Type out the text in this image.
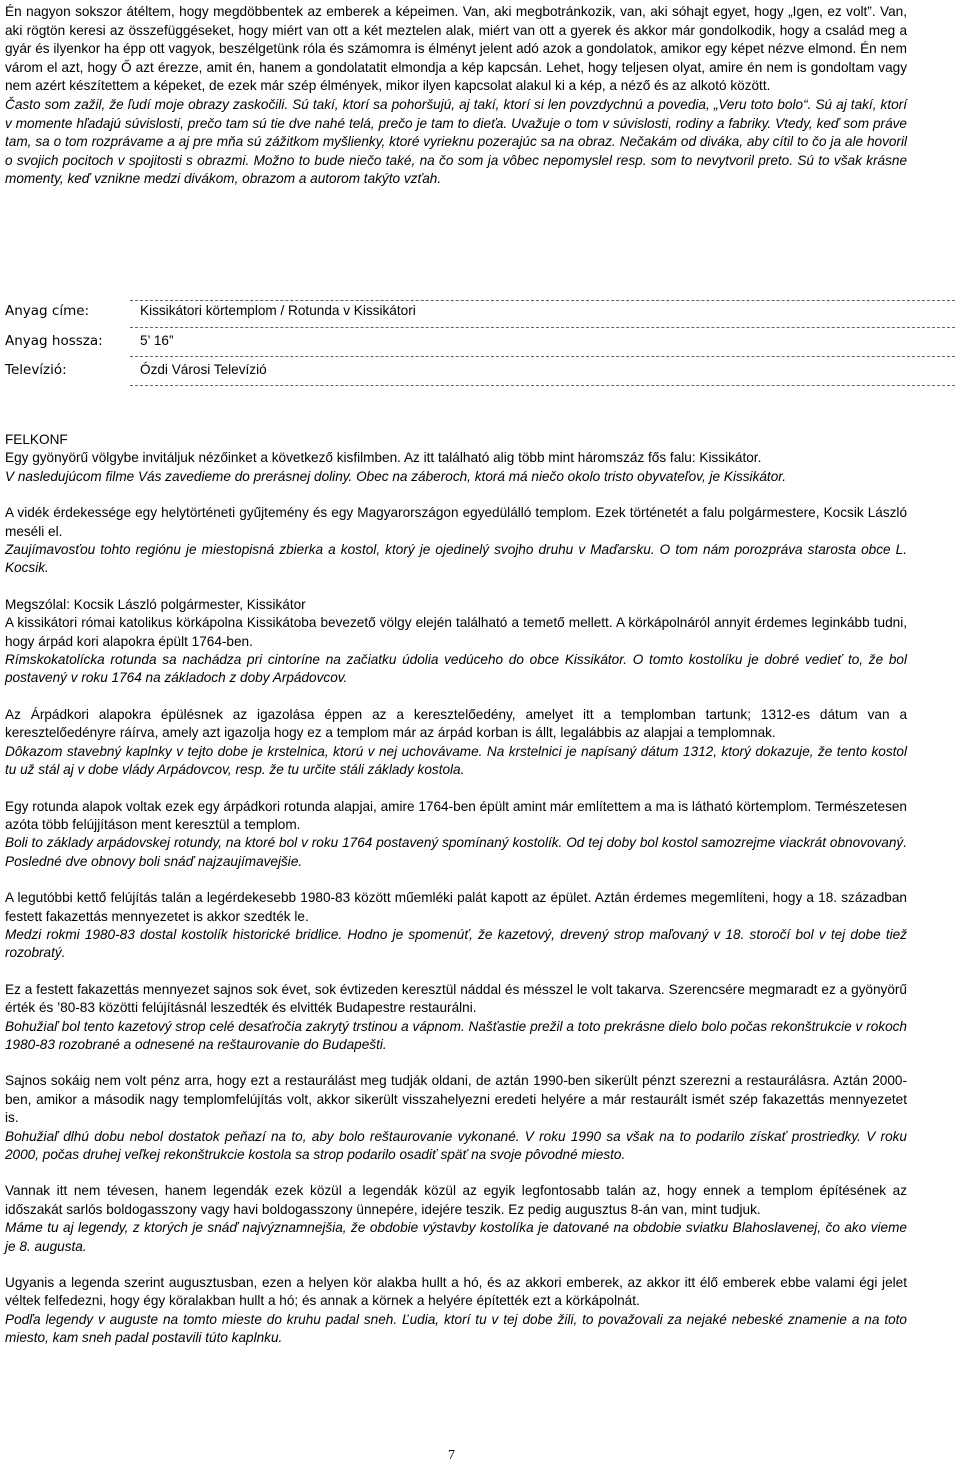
Én nagyon sokszor átéltem, hogy megdöbbentek az emberek a képeimen. Van, aki megbotránkozik, van, aki sóhajt egyet, hogy „Igen, ez volt”. Van, aki rögtön keresi az összefüggéseket, hogy miért van ott a két meztelen alak, miért van ott a gyerek és akkor már gondolkodik, hogy a család meg a gyár és ilyenkor ha épp ott vagyok, beszélgetünk róla és számomra is élményt jelent adó azok a gondolatok, amikor egy képet nézve elmond. Én nem várom el azt, hogy Ő azt érezze, amit én, hanem a gondolatatit elmondja a kép kapcsán. Lehet, hogy teljesen olyat, amire én nem is gondoltam vagy nem azért készítettem a képeket, de ezek már szép élmények, mikor ilyen kapcsolat alakul ki a kép, a néző és az alkotó között.

Často som zažil, že ľudí moje obrazy zaskočili. Sú takí, ktorí sa pohoršujú, aj takí, ktorí si len povzdychnú a povedia, „Veru toto bolo“. Sú aj takí, ktorí v momente hľadajú súvislosti, prečo tam sú tie dve nahé telá, prečo je tam to dieťa. Uvažuje o tom v súvislosti, rodiny a fabriky. Vtedy, keď som práve tam, sa o tom rozprávame a aj pre mňa sú zážitkom myšlienky, ktoré vyrieknu pozerajúc sa na obraz. Nečakám od diváka, aby cítil to čo ja ale hovoril o svojich pocitoch v spojitosti s obrazmi. Možno to bude niečo také, na čo som ja vôbec nepomyslel resp. som to nevytvoril preto. Sú to však krásne momenty, keď vznikne medzi divákom, obrazom a autorom takýto vzťah.

Anyag címe:	Kissikátori körtemplom / Rotunda v Kissikátori
Anyag hossza:	5’ 16”
Televízió:	Ózdi Városi Televízió

FELKONF

Egy gyönyörű völgybe invitáljuk nézőinket a következő kisfilmben. Az itt található alig több mint háromszáz fős falu: Kissikátor.

V nasledujúcom filme Vás zavedieme do prerásnej doliny. Obec na záberoch, ktorá má niečo okolo tristo obyvateľov, je Kissikátor.

A vidék érdekessége egy helytörténeti gyűjtemény és egy Magyarországon egyedülálló templom. Ezek történetét a falu polgármestere, Kocsik László meséli el.

Zaujímavosťou tohto regiónu je miestopisná zbierka a kostol, ktorý je ojedinelý svojho druhu v Maďarsku. O tom nám porozpráva starosta obce L. Kocsik.

Megszólal: Kocsik László polgármester, Kissikátor

A kissikátori római katolikus körkápolna Kissikátoba bevezető völgy elején található a temető mellett. A körkápolnáról annyit érdemes leginkább tudni, hogy árpád kori alapokra épült 1764-ben.

Rímskokatolícka rotunda sa nachádza pri cintoríne na začiatku údolia vedúceho do obce Kissikátor. O tomto kostolíku je dobré vedieť to, že bol postavený v roku 1764 na základoch z doby Arpádovcov.

Az Árpádkori alapokra épülésnek az igazolása éppen az a keresztelőedény, amelyet itt a templomban tartunk; 1312-es dátum van a keresztelőedényre ráírva, amely azt igazolja hogy ez a templom már az árpád korban is állt, legalábbis az alapjai a templomnak.

Dôkazom stavebný kaplnky v tejto dobe je krstelnica, ktorú v nej uchovávame. Na krstelnici je napísaný dátum 1312, ktorý dokazuje, že tento kostol tu už stál aj v dobe vlády Arpádovcov, resp. že tu určite stáli základy kostola.

Egy rotunda alapok voltak ezek egy árpádkori rotunda alapjai, amire 1764-ben épült amint már említettem a ma is látható körtemplom. Természetesen azóta több felújjításon ment keresztül a templom.

Boli to základy arpádovskej rotundy, na ktoré bol v roku 1764 postavený spomínaný kostolík. Od tej doby bol kostol samozrejme viackrát obnovovaný. Posledné dve obnovy boli snáď najzaujímavejšie.

A legutóbbi kettő felújítás talán a legérdekesebb 1980-83 között műemléki palát kapott az épület. Aztán érdemes megemlíteni, hogy a 18. században festett fakazettás mennyezetet is akkor szedték le.

Medzi rokmi 1980-83 dostal kostolík historické bridlice. Hodno je spomenúť, že kazetový, drevený strop maľovaný v 18. storočí bol v tej dobe tiež rozobratý.

Ez a festett fakazettás mennyezet sajnos sok évet, sok évtizeden keresztül náddal és mésszel le volt takarva. Szerencsére megmaradt ez a gyönyörű érték és ’80-83 közötti felújításnál leszedték és elvitték Budapestre restaurálni.

Bohužiaľ bol tento kazetový strop celé desaťročia zakrytý trstinou a vápnom. Našťastie prežil a toto prekrásne dielo bolo počas rekonštrukcie v rokoch 1980-83 rozobrané a odnesené na reštaurovanie do Budapešti.

Sajnos sokáig nem volt pénz arra, hogy ezt a restaurálást meg tudják oldani, de aztán 1990-ben sikerült pénzt szerezni a restaurálásra. Aztán 2000-ben, amikor a második nagy templomfelújítás volt, akkor sikerült visszahelyezni eredeti helyére a már restaurált ismét szép fakazettás mennyezetet is.

Bohužiaľ dlhú dobu nebol dostatok peňazí na to, aby bolo reštaurovanie vykonané. V roku 1990 sa však na to podarilo získať prostriedky. V roku 2000, počas druhej veľkej rekonštrukcie kostola sa strop podarilo osadiť späť na svoje pôvodné miesto.

Vannak itt nem tévesen, hanem legendák ezek közül a legendák közül az egyik legfontosabb talán az, hogy ennek a templom építésének az időszakát sarlós boldogasszony vagy havi boldogasszony ünnepére, idejére teszik. Ez pedig augusztus 8-án van, mint tudjuk.

Máme tu aj legendy, z ktorých je snáď najvýznamnejšia, že obdobie výstavby kostolíka je datované na obdobie sviatku Blahoslavenej, čo ako vieme je 8. augusta.

Ugyanis a legenda szerint augusztusban, ezen a helyen kör alakba hullt a hó, és az akkori emberek, az akkor itt élő emberek ebbe valami égi jelet véltek felfedezni, hogy égy köralakban hullt a hó; és annak a körnek a helyére építették ezt a körkápolnát.

Podľa legendy v auguste na tomto mieste do kruhu padal sneh. Ľudia, ktorí tu v tej dobe žili, to považovali za nejaké nebeské znamenie a na toto miesto, kam sneh padal postavili túto kaplnku.

7
